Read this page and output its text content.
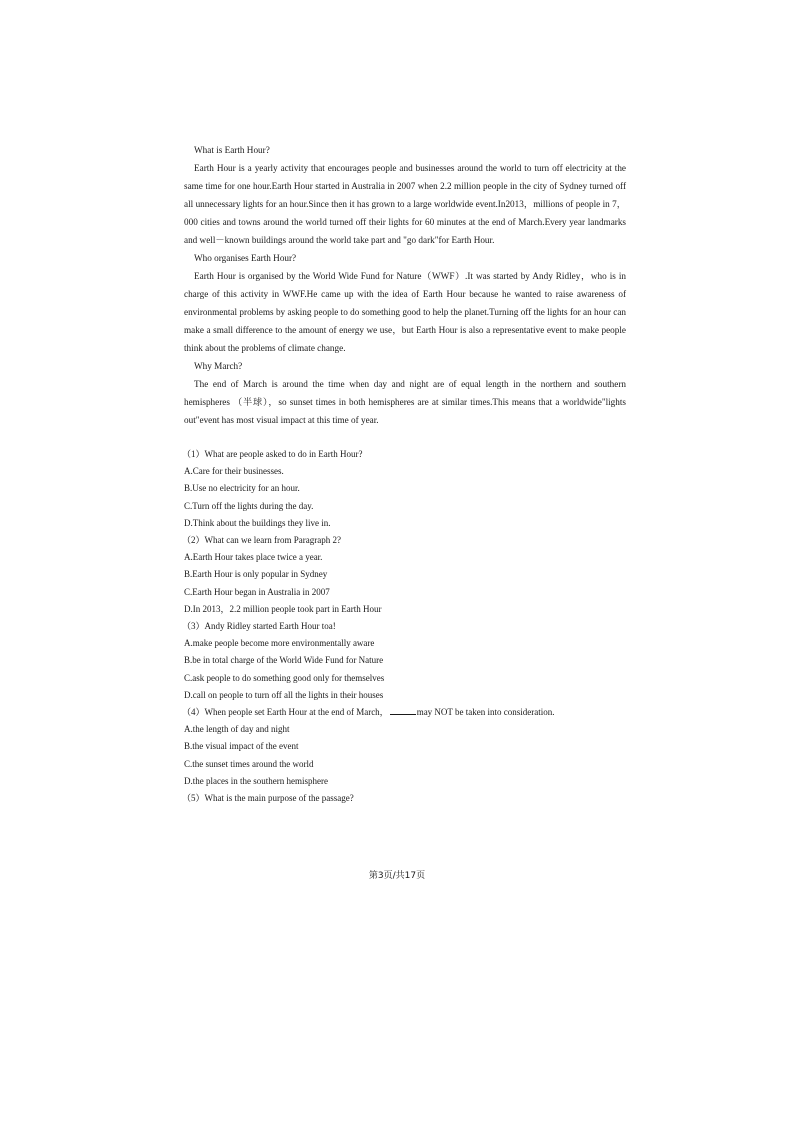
What is Earth Hour?

Earth Hour is a yearly activity that encourages people and businesses around the world to turn off electricity at the same time for one hour.Earth Hour started in Australia in 2007 when 2.2 million people in the city of Sydney turned off all unnecessary lights for an hour.Since then it has grown to a large worldwide event.In2013，millions of people in 7，000 cities and towns around the world turned off their lights for 60 minutes at the end of March.Every year landmarks and well－known buildings around the world take part and "go dark"for Earth Hour.

Who organises Earth Hour?

Earth Hour is organised by the World Wide Fund for Nature（WWF）.It was started by Andy Ridley，who is in charge of this activity in WWF.He came up with the idea of Earth Hour because he wanted to raise awareness of environmental problems by asking people to do something good to help the planet.Turning off the lights for an hour can make a small difference to the amount of energy we use，but Earth Hour is also a representative event to make people think about the problems of climate change.

Why March?

The end of March is around the time when day and night are of equal length in the northern and southern hemispheres （半球），so sunset times in both hemispheres are at similar times.This means that a worldwide"lights out"event has most visual impact at this time of year.

（1）What are people asked to do in Earth Hour?
A.Care for their businesses.
B.Use no electricity for an hour.
C.Turn off the lights during the day.
D.Think about the buildings they live in.
（2）What can we learn from Paragraph 2?
A.Earth Hour takes place twice a year.
B.Earth Hour is only popular in Sydney
C.Earth Hour began in Australia in 2007
D.In 2013，2.2 million people took part in Earth Hour
（3）Andy Ridley started Earth Hour toa!
A.make people become more environmentally aware
B.be in total charge of the World Wide Fund for Nature
C.ask people to do something good only for themselves
D.call on people to turn off all the lights in their houses
（4）When people set Earth Hour at the end of March，	may NOT be taken into consideration.
A.the length of day and night
B.the visual impact of the event
C.the sunset times around the world
D.the places in the southern hemisphere
（5）What is the main purpose of the passage?
第3页/共17页
